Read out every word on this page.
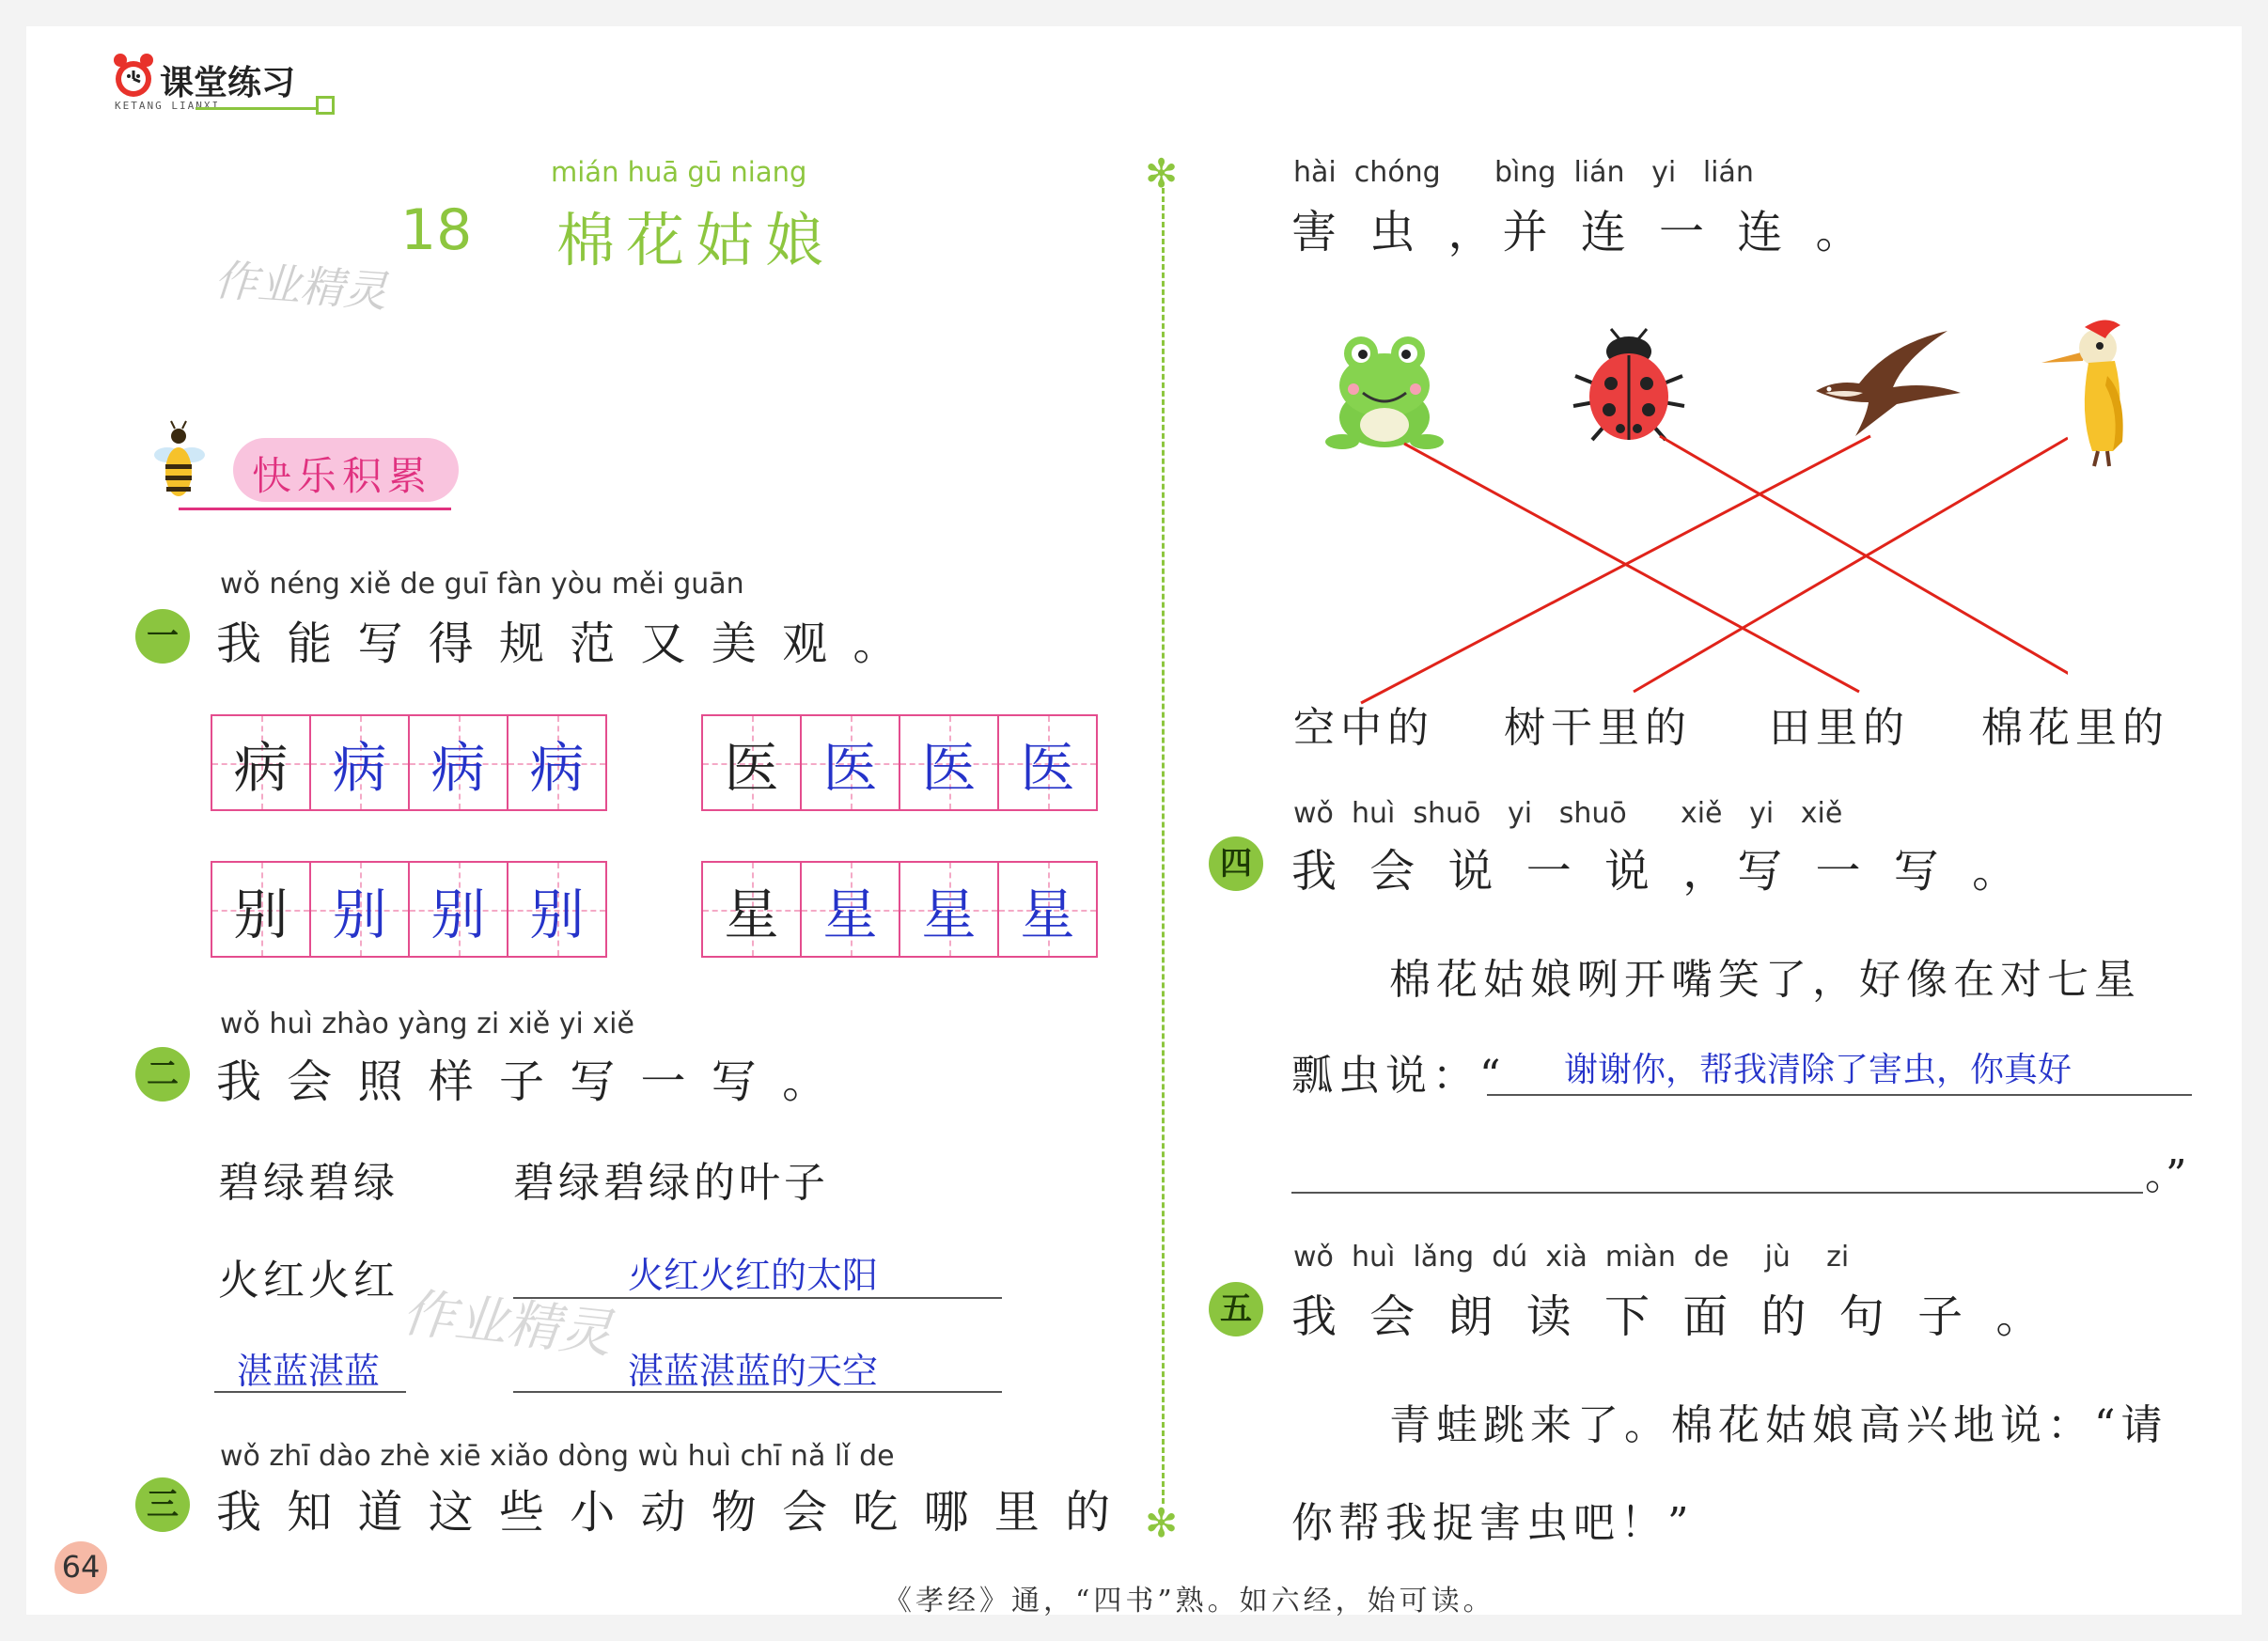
课堂练习
KETANG LIANXI
mián huā gū niang
18 棉花姑娘
作业精灵
作业精灵
快乐积累
wǒ néng xiě de guī fàn yòu měi guān
一 我 能 写 得 规 范 又 美 观 。
病 病 病 病	医 医 医 医
别 别 别 别	星 星 星 星
wǒ huì zhào yàng zi xiě yi xiě
二 我 会 照 样 子 写 一 写 。
碧绿碧绿	碧绿碧绿的叶子
火红火红	火红火红的太阳
湛蓝湛蓝	湛蓝湛蓝的天空
wǒ zhī dào zhè xiē xiǎo dòng wù huì chī nǎ lǐ de
三 我 知 道 这 些 小 动 物 会 吃 哪 里 的
64
✻
✻
hài  chóng      bìng  lián   yi   lián
害 虫 ，并 连 一 连 。
空中的 树干里的 田里的 棉花里的
wǒ  huì  shuō   yi   shuō      xiě   yi   xiě
四 我 会 说 一 说 ，写 一 写 。
棉花姑娘咧开嘴笑了，好像在对七星
瓢虫说：“ 谢谢你，帮我清除了害虫，你真好
。”
wǒ  huì  lǎng  dú  xià  miàn  de    jù    zi
五 我 会 朗 读 下 面 的 句 子 。
青蛙跳来了。棉花姑娘高兴地说：“请
你帮我捉害虫吧！”
《孝经》通，“四书”熟。如六经，始可读。
